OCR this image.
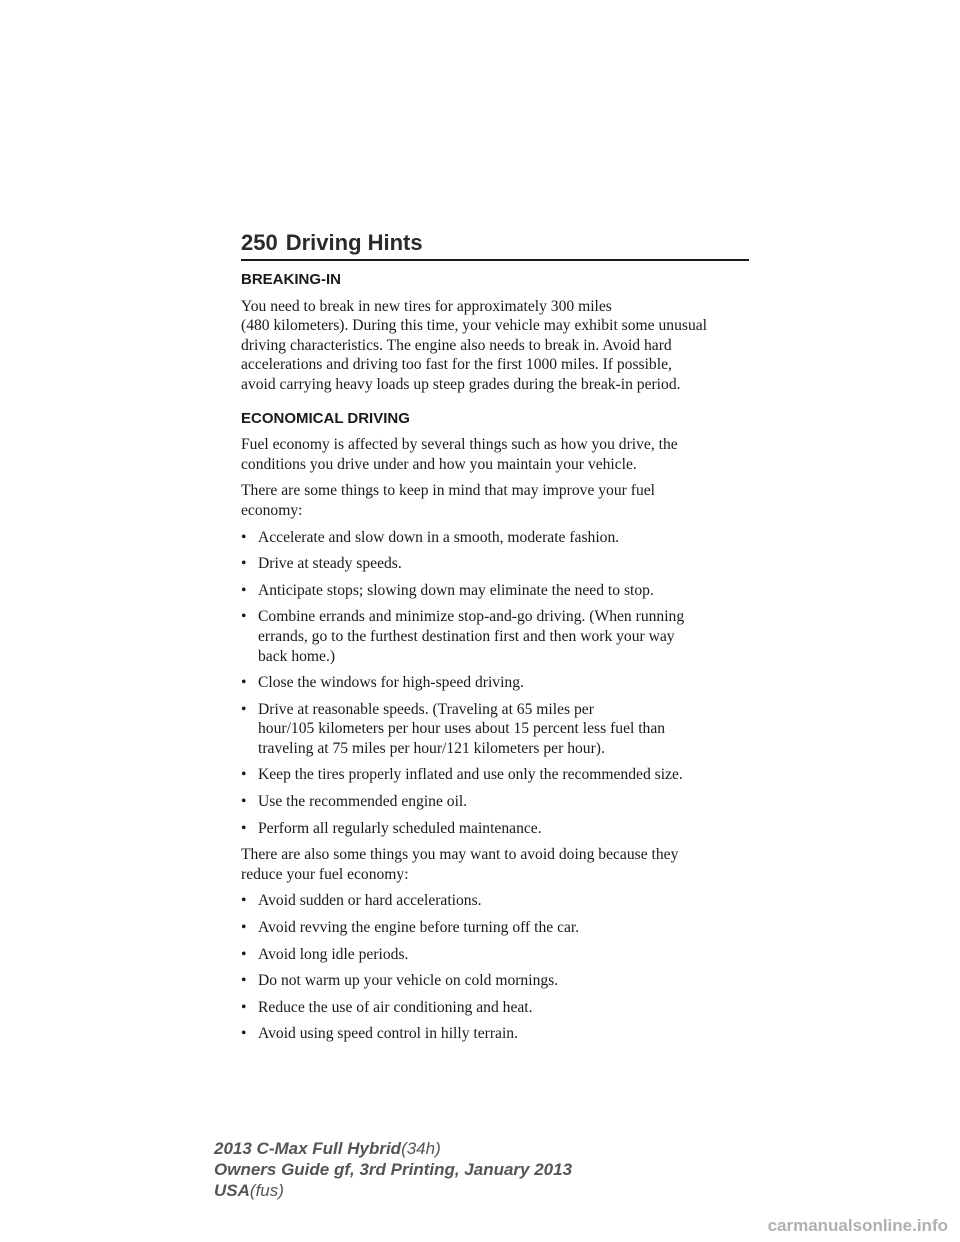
250 Driving Hints
BREAKING-IN

You need to break in new tires for approximately 300 miles
(480 kilometers). During this time, your vehicle may exhibit some unusual
driving characteristics. The engine also needs to break in. Avoid hard
accelerations and driving too fast for the first 1000 miles. If possible,
avoid carrying heavy loads up steep grades during the break-in period.

ECONOMICAL DRIVING

Fuel economy is affected by several things such as how you drive, the
conditions you drive under and how you maintain your vehicle.

There are some things to keep in mind that may improve your fuel
economy:

• Accelerate and slow down in a smooth, moderate fashion.
• Drive at steady speeds.
• Anticipate stops; slowing down may eliminate the need to stop.
• Combine errands and minimize stop-and-go driving. (When running
errands, go to the furthest destination first and then work your way
back home.)
• Close the windows for high-speed driving.
• Drive at reasonable speeds. (Traveling at 65 miles per
hour/105 kilometers per hour uses about 15 percent less fuel than
traveling at 75 miles per hour/121 kilometers per hour).
• Keep the tires properly inflated and use only the recommended size.
• Use the recommended engine oil.
• Perform all regularly scheduled maintenance.

There are also some things you may want to avoid doing because they
reduce your fuel economy:

• Avoid sudden or hard accelerations.
• Avoid revving the engine before turning off the car.
• Avoid long idle periods.
• Do not warm up your vehicle on cold mornings.
• Reduce the use of air conditioning and heat.
• Avoid using speed control in hilly terrain.
2013 C-Max Full Hybrid(34h)
Owners Guide gf, 3rd Printing, January 2013
USA(fus)
carmanualsonline.info
